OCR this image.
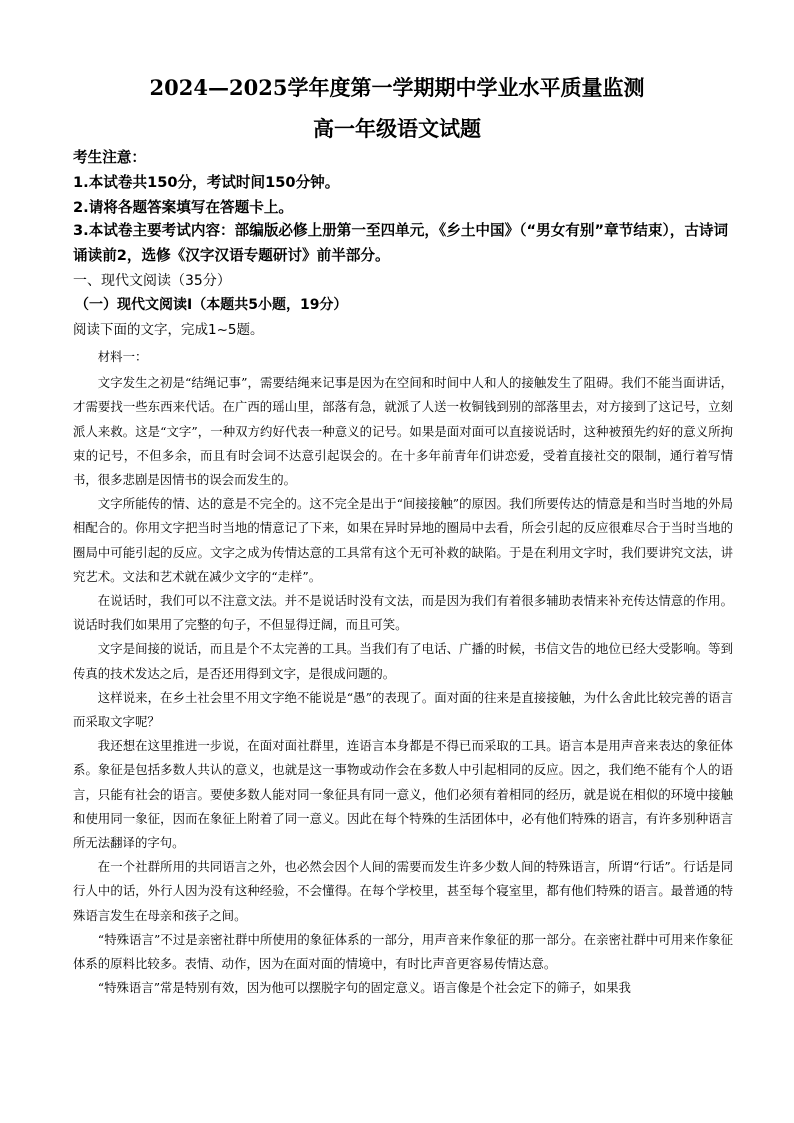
2024—2025学年度第一学期期中学业水平质量监测
高一年级语文试题

考生注意：

1.本试卷共150分，考试时间150分钟。

2.请将各题答案填写在答题卡上。

3.本试卷主要考试内容：部编版必修上册第一至四单元，《乡土中国》（“男女有别”章节结束），古诗词诵读前2，选修《汉字汉语专题研讨》前半部分。

一、现代文阅读（35分）

（一）现代文阅读Ⅰ（本题共5小题，19分）

阅读下面的文字，完成1~5题。

材料一：

文字发生之初是“结绳记事”，需要结绳来记事是因为在空间和时间中人和人的接触发生了阻碍。我们不能当面讲话，才需要找一些东西来代话。在广西的瑶山里，部落有急，就派了人送一枚铜钱到别的部落里去，对方接到了这记号，立刻派人来救。这是“文字”，一种双方约好代表一种意义的记号。如果是面对面可以直接说话时，这种被預先约好的意义所拘束的记号，不但多余，而且有时会词不达意引起误会的。在十多年前青年们讲恋爱，受着直接社交的限制，通行着写情书，很多悲剧是因情书的误会而发生的。

文字所能传的情、达的意是不完全的。这不完全是出于“间接接触”的原因。我们所要传达的情意是和当时当地的外局相配合的。你用文字把当时当地的情意记了下来，如果在异时异地的圈局中去看，所会引起的反应很难尽合于当时当地的圈局中可能引起的反应。文字之成为传情达意的工具常有这个无可补救的缺陷。于是在利用文字时，我们要讲究文法，讲究艺术。文法和艺术就在减少文字的“走样”。

在说话时，我们可以不注意文法。并不是说话时没有文法，而是因为我们有着很多辅助表情来补充传达情意的作用。说话时我们如果用了完整的句子，不但显得迂阔，而且可笑。

文字是间接的说话，而且是个不太完善的工具。当我们有了电话、广播的时候，书信文告的地位已经大受影响。等到传真的技术发达之后，是否还用得到文字，是很成问题的。

这样说来，在乡土社会里不用文字绝不能说是“愚”的表现了。面对面的往来是直接接触，为什么舍此比较完善的语言而采取文字呢？

我还想在这里推进一步说，在面对面社群里，连语言本身都是不得已而采取的工具。语言本是用声音来表达的象征体系。象征是包括多数人共认的意义，也就是这一事物或动作会在多数人中引起相同的反应。因之，我们绝不能有个人的语言，只能有社会的语言。要使多数人能对同一象征具有同一意义，他们必须有着相同的经历，就是说在相似的环境中接触和使用同一象征，因而在象征上附着了同一意义。因此在每个特殊的生活团体中，必有他们特殊的语言，有许多别种语言所无法翻译的字句。

在一个社群所用的共同语言之外，也必然会因个人间的需要而发生许多少数人间的特殊语言，所谓“行话”。行话是同行人中的话，外行人因为没有这种经验，不会懂得。在每个学校里，甚至每个寝室里，都有他们特殊的语言。最普通的特殊语言发生在母亲和孩子之间。

“特殊语言”不过是亲密社群中所使用的象征体系的一部分，用声音来作象征的那一部分。在亲密社群中可用来作象征体系的原料比较多。表情、动作，因为在面对面的情境中，有时比声音更容易传情达意。

“特殊语言”常是特别有效，因为他可以摆脱字句的固定意义。语言像是个社会定下的筛子，如果我
